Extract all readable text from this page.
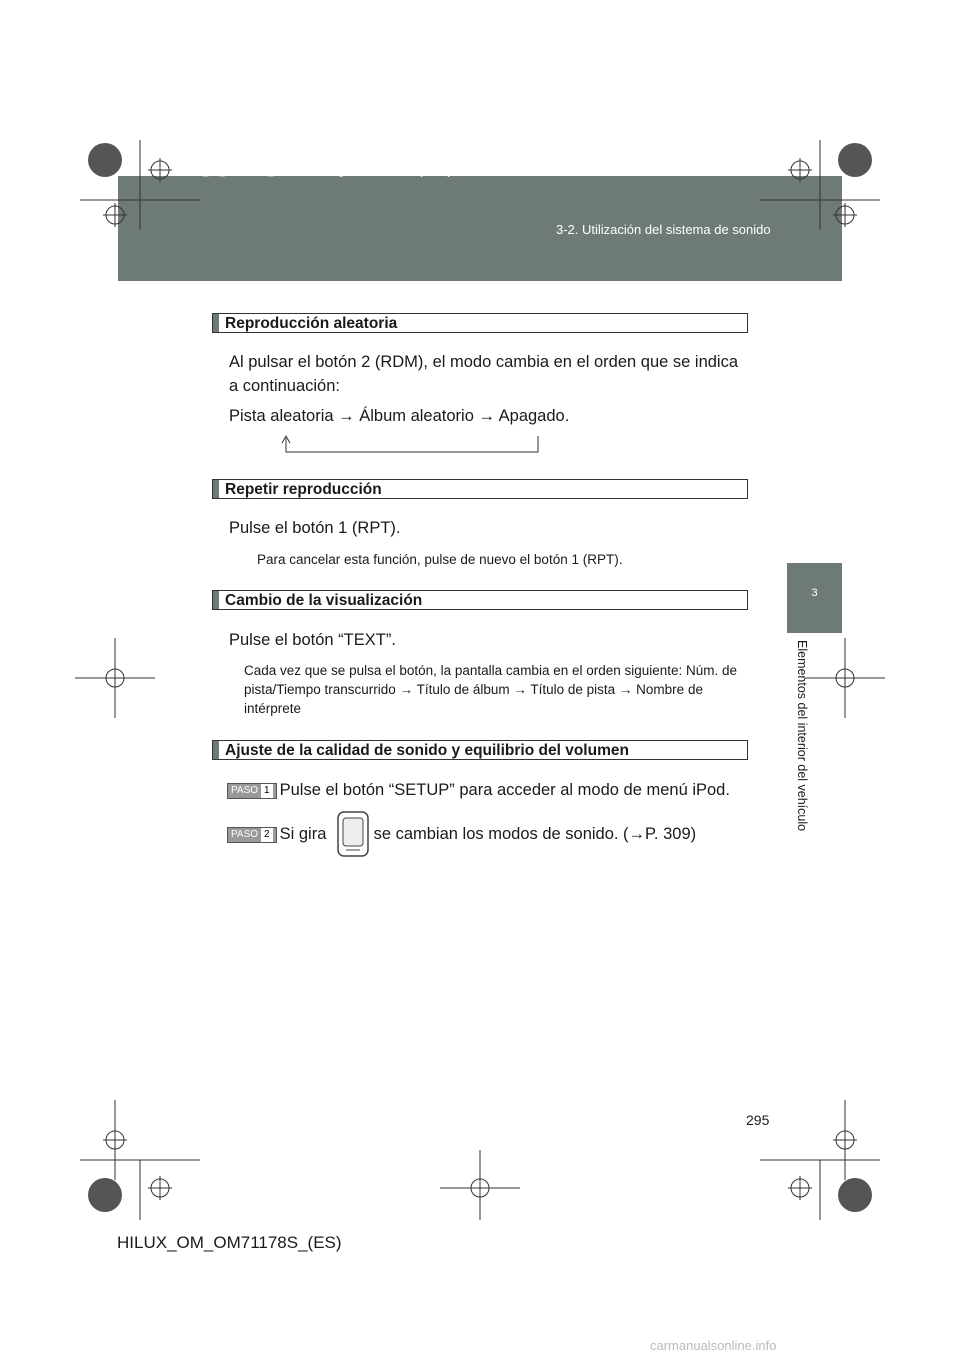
3-2. Utilización del sistema de sonido
HILUX_OM_OM71178S_(ES).book Page 295 Wednesday, May 16, 2012 3:09 PM
295
3
Elementos del interior del vehículo
Reproducción aleatoria
Al pulsar el botón 2 (RDM), el modo cambia en el orden que se indica a continuación:
Pista aleatoria → Álbum aleatorio → Apagado.
Repetir reproducción
Pulse el botón 1 (RPT).
Para cancelar esta función, pulse de nuevo el botón 1 (RPT).
Cambio de la visualización
Pulse el botón “TEXT”.
Cada vez que se pulsa el botón, la pantalla cambia en el orden siguiente: Núm. de pista/Tiempo transcurrido → Título de álbum → Título de pista → Nombre de intérprete
Ajuste de la calidad de sonido y equilibrio del volumen
PASO 1 Pulse el botón “SETUP” para acceder al modo de menú iPod.
PASO 2 Si gira	se cambian los modos de sonido. (→P. 309)
HILUX_OM_OM71178S_(ES)
carmanualsonline.info
